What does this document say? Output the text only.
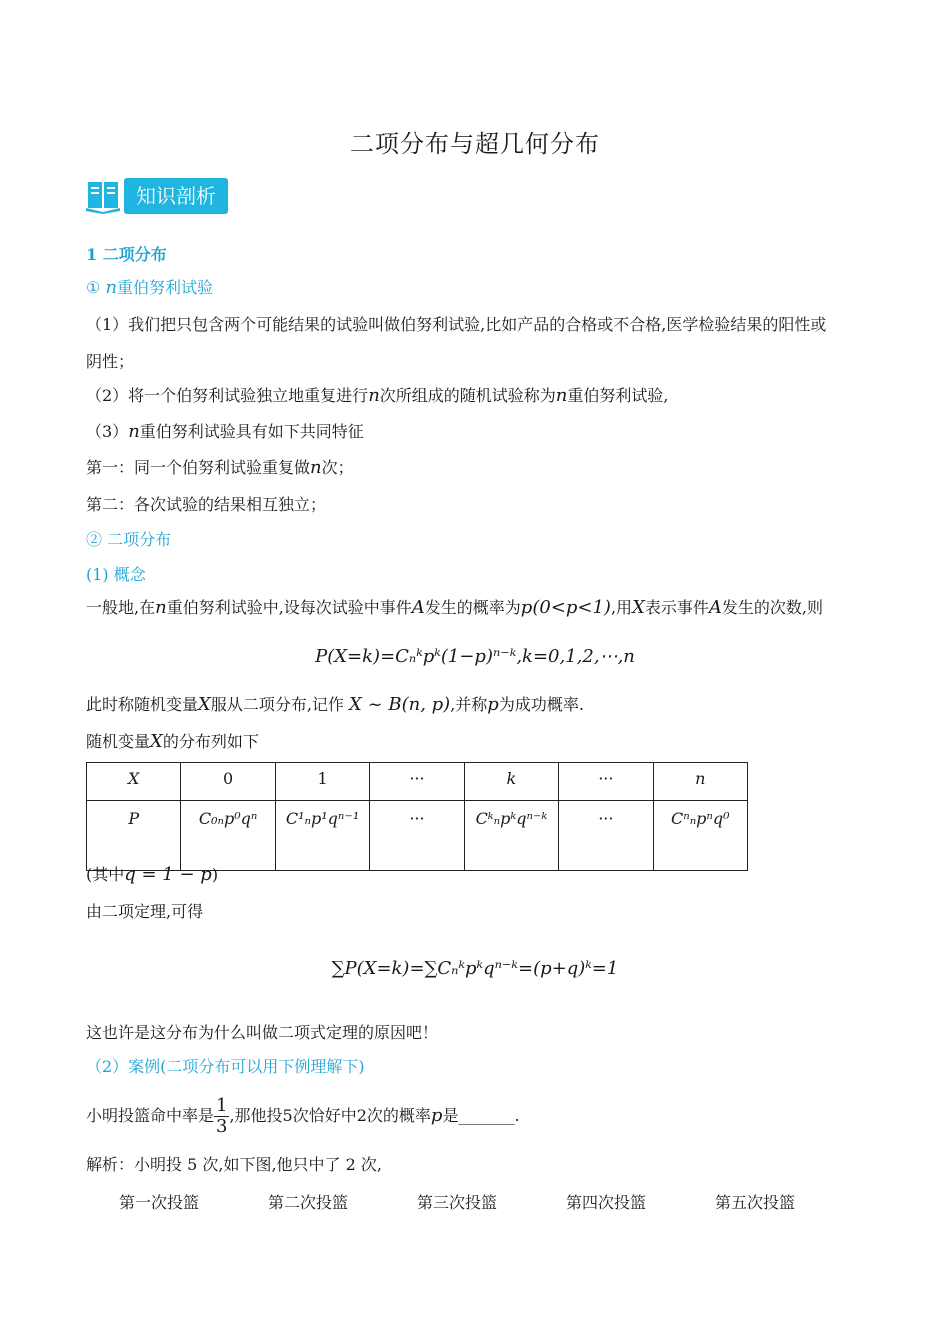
二项分布与超几何分布
知识剖析
1 二项分布
① n重伯努利试验
（1）我们把只包含两个可能结果的试验叫做伯努利试验,比如产品的合格或不合格,医学检验结果的阳性或
阴性；
（2）将一个伯努利试验独立地重复进行n次所组成的随机试验称为n重伯努利试验,
（3）n重伯努利试验具有如下共同特征
第一：同一个伯努利试验重复做n次；
第二：各次试验的结果相互独立；
② 二项分布
(1) 概念
一般地,在n重伯努利试验中,设每次试验中事件A发生的概率为p(0<p<1),用X表示事件A发生的次数,则
P(X=k)=Cₙᵏpᵏ(1−p)ⁿ⁻ᵏ,k=0,1,2,⋯,n
此时称随机变量X服从二项分布,记作 X ~ B(n, p),并称p为成功概率.
随机变量X的分布列如下
X	0	1	···	k	···	n
P	C₀ₙp⁰qⁿ	C¹ₙp¹qⁿ⁻¹	···	Cᵏₙpᵏqⁿ⁻ᵏ	···	Cⁿₙpⁿq⁰
(其中q = 1 − p)
由二项定理,可得
∑P(X=k)=∑Cₙᵏpᵏqⁿ⁻ᵏ=(p+q)ᵏ=1
这也许是这分布为什么叫做二项式定理的原因吧！
（2）案例(二项分布可以用下例理解下)
小明投篮命中率是 $\frac{1}{3}$ ,那他投5次恰好中2次的概率p是_______.
解析：小明投 5 次,如下图,他只中了 2 次,
第一次投篮	第二次投篮	第三次投篮	第四次投篮	第五次投篮
